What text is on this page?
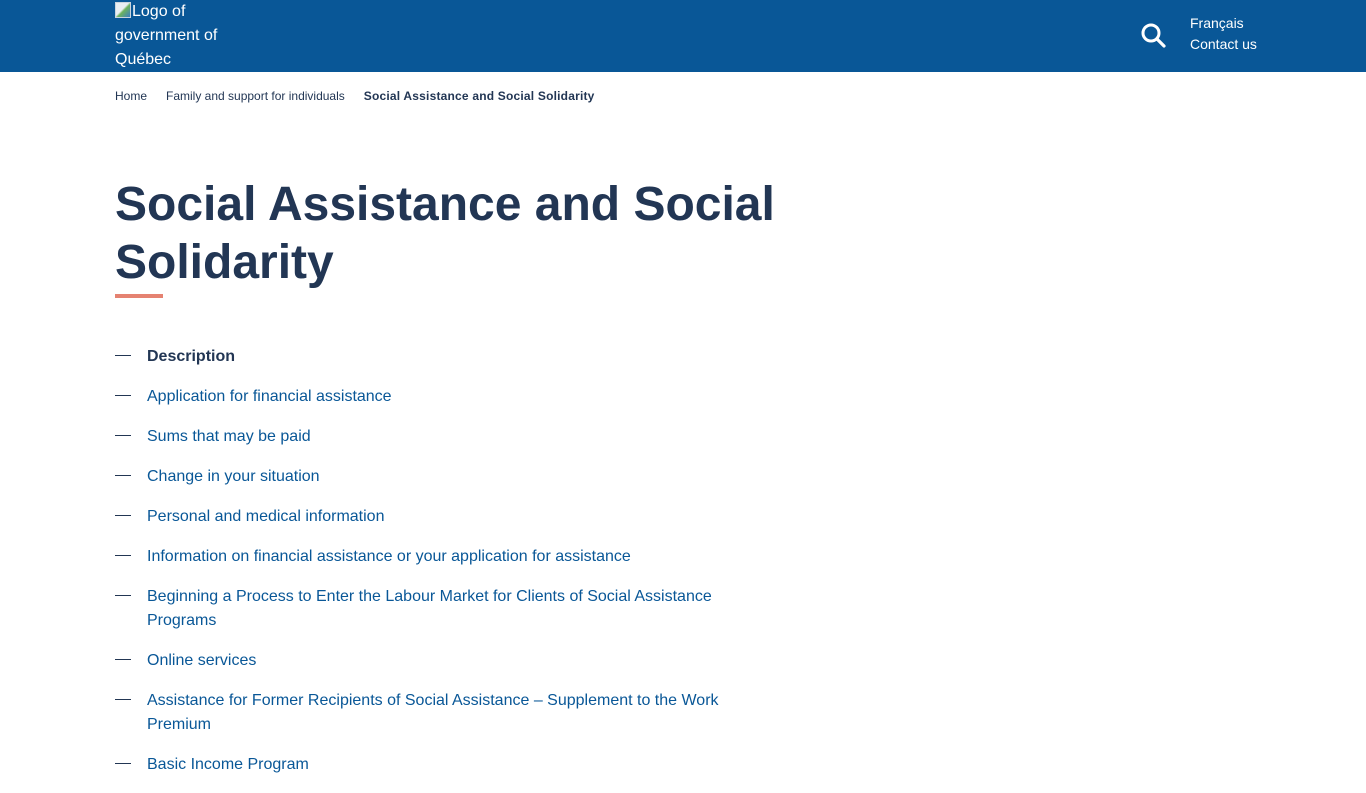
Logo of government of Québec
Français
Contact us
Home Family and support for individuals Social Assistance and Social Solidarity
Social Assistance and Social Solidarity
Description
Application for financial assistance
Sums that may be paid
Change in your situation
Personal and medical information
Information on financial assistance or your application for assistance
Beginning a Process to Enter the Labour Market for Clients of Social Assistance Programs
Online services
Assistance for Former Recipients of Social Assistance – Supplement to the Work Premium
Basic Income Program
